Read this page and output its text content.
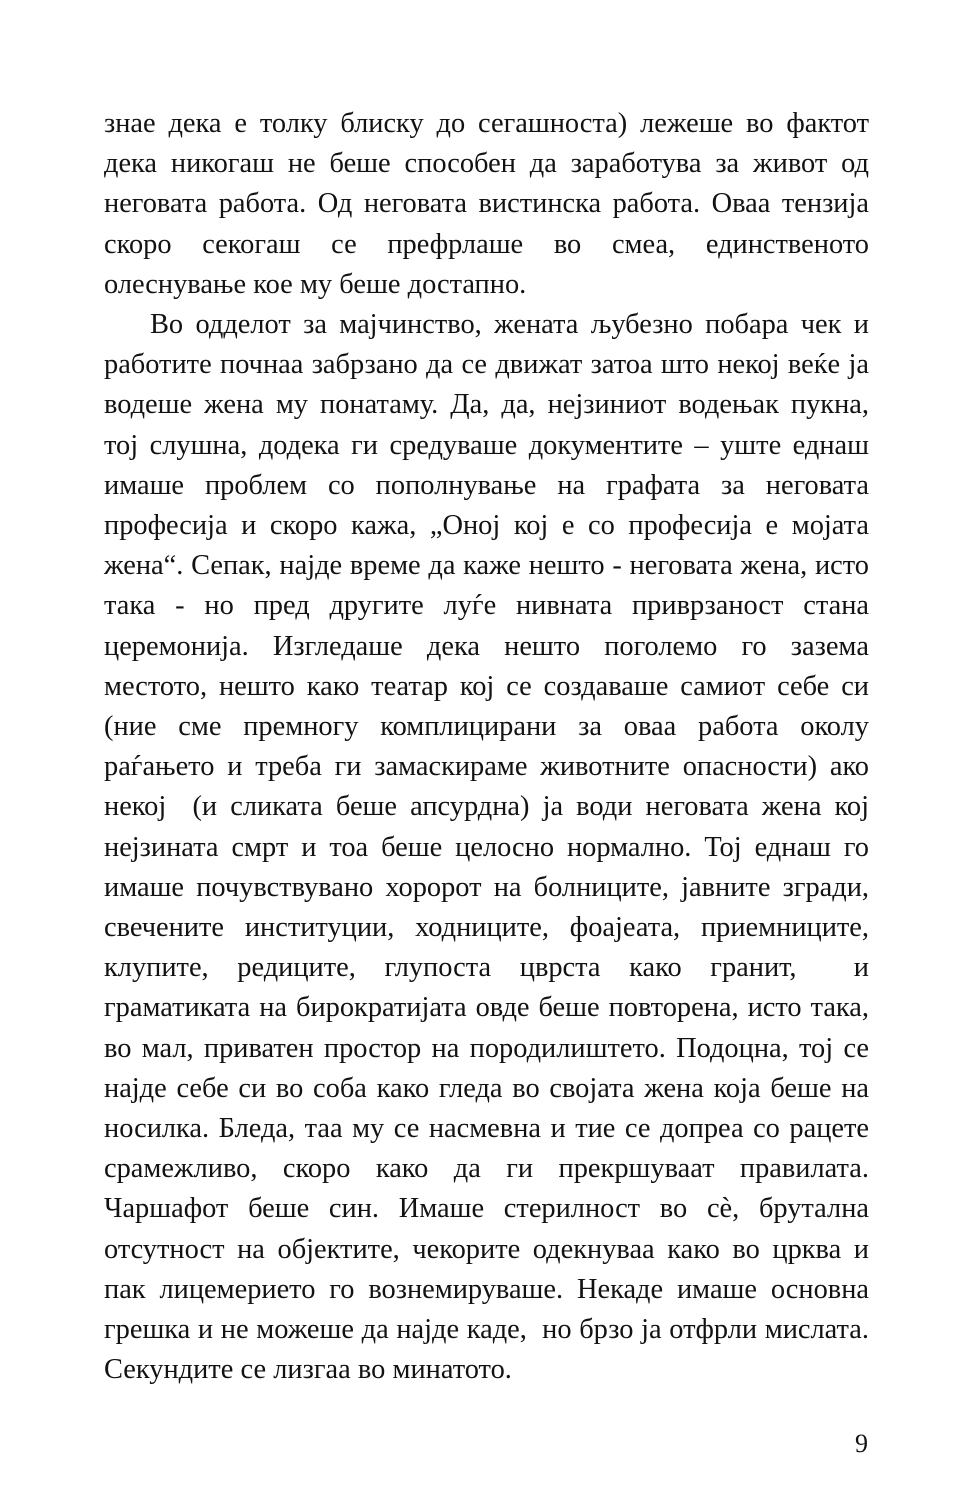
знае дека е толку блиску до сегашноста) лежеше во фактот дека никогаш не беше способен да заработува за живот од неговата работа. Од неговата вистинска работа. Оваа тензија скоро секогаш се префрлаше во смеа, единственото олеснување кое му беше достапно.

Во одделот за мајчинство, жената љубезно побара чек и работите почнаа забрзано да се движат затоа што некој веќе ја водеше жена му понатаму. Да, да, нејзиниот водењак пукна, тој слушна, додека ги средуваше документите – уште еднаш имаше проблем со пополнување на графата за неговата професија и скоро кажа, „Оној кој е со професија е мојата жена“. Сепак, најде време да каже нешто - неговата жена, исто така - но пред другите луѓе нивната приврзаност стана церемонија. Изгледаше дека нешто поголемо го заземa местото, нешто како театар кој се создаваше самиот себе си (ние сме премногу комплицирани за оваа работа околу раѓањето и треба ги замаскираме животните опасности) ако некој  (и сликата беше апсурдна) ја води неговата жена кој нејзината смрт и тоа беше целосно нормално. Тој еднаш го имаше почувствувано хоророт на болниците, јавните згради, свечените институции, ходниците, фоајеата, приемниците, клупите, редиците, глупоста цврста како гранит,  и граматиката на бирократијата овде беше повторена, исто така, во мал, приватен простор на породилиштето. Подоцна, тој се најде себе си во соба како гледа во својата жена која беше на носилка. Бледа, таа му се насмевна и тие се допреа со рацете срамежливо, скоро како да ги прекршуваат правилата. Чаршафот беше син. Имаше стерилност во сѐ, брутална отсутност на објектите, чекорите одекнуваа како во црква и пак лицемерието го вознемируваше. Некаде имаше основна грешка и не можеше да најде каде,  но брзо ја отфрли мислата. Секундите се лизгаа во минатото.

9
